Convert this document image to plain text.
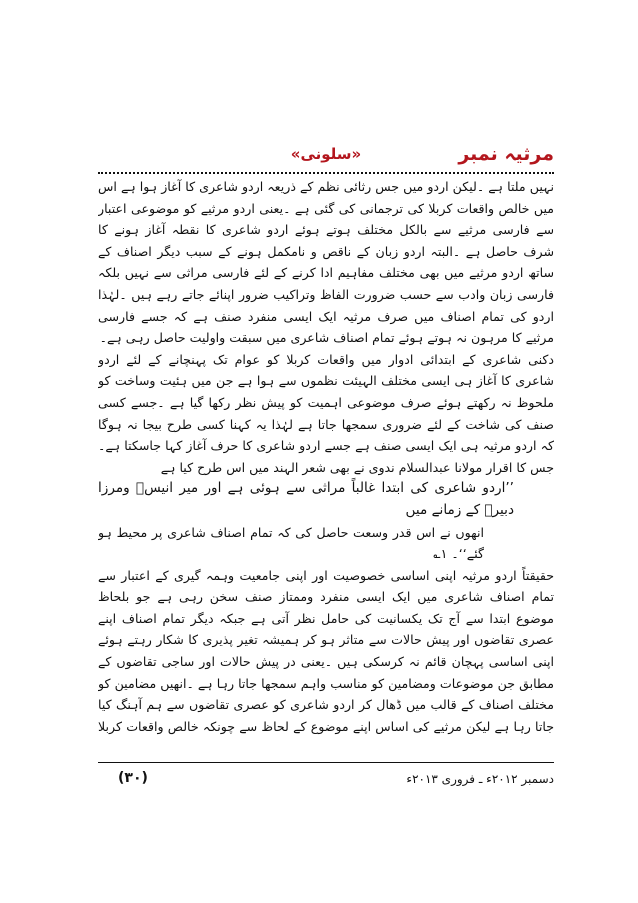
مرثیہ نمبر
«سلونی»

نہیں ملتا ہے ۔لیکن اردو میں جس رثائی نظم کے ذریعہ اردو شاعری کا آغاز ہوا ہے اس میں خالص واقعات کربلا کی ترجمانی کی گئی ہے ۔یعنی اردو مرثیے کو موضوعی اعتبار سے فارسی مرثیے سے بالکل مختلف ہوتے ہوئے اردو شاعری کا نقطہ آغاز ہونے کا شرف حاصل ہے ۔البتہ اردو زبان کے ناقص و نامکمل ہونے کے سبب دیگر اصناف کے ساتھ اردو مرثیے میں بھی مختلف مفاہیم ادا کرنے کے لئے فارسی مراثی سے نہیں بلکہ فارسی زبان وادب سے حسب ضرورت الفاظ وتراکیب ضرور اپنائے جاتے رہے ہیں ۔لہٰذا اردو کی تمام اصناف میں صرف مرثیہ ایک ایسی منفرد صنف ہے کہ جسے فارسی مرثیے کا مرہون نہ ہوتے ہوئے تمام اصناف شاعری میں سبقت واولیت حاصل رہی ہے۔

دکنی شاعری کے ابتدائی ادوار میں واقعات کربلا کو عوام تک پہنچانے کے لئے اردو شاعری کا آغاز ہی ایسی مختلف الہیئت نظموں سے ہوا ہے جن میں ہئیت وساخت کو ملحوظ نہ رکھتے ہوئے صرف موضوعی اہمیت کو پیش نظر رکھا گیا ہے ۔جسے کسی صنف کی شاخت کے لئے ضروری سمجھا جاتا ہے لہٰذا یہ کہنا کسی طرح بیجا نہ ہوگا کہ اردو مرثیہ ہی ایک ایسی صنف ہے جسے اردو شاعری کا حرف آغاز کہا جاسکتا ہے۔جس کا اقرار مولانا عبدالسلام ندوی نے بھی شعر الہند میں اس طرح کیا ہے

’’اردو شاعری کی ابتدا غالباً مراثی سے ہوئی ہے اور میر انیسؔ ومرزا دبیرؔ کے زمانے میں

انھوں نے اس قدر وسعت حاصل کی کہ تمام اصناف شاعری پر محیط ہو گئے‘‘۔ ۱؎

حقیقتاً اردو مرثیہ اپنی اساسی خصوصیت اور اپنی جامعیت وہمہ گیری کے اعتبار سے تمام اصناف شاعری میں ایک ایسی منفرد وممتاز صنف سخن رہی ہے جو بلحاظ موضوع ابتدا سے آج تک یکسانیت کی حامل نظر آتی ہے جبکہ دیگر تمام اصناف اپنے عصری تقاضوں اور پیش حالات سے متاثر ہو کر ہمیشہ تغیر پذیری کا شکار رہتے ہوئے اپنی اساسی پہچان قائم نہ کرسکی ہیں ۔یعنی در پیش حالات اور ساجی تقاضوں کے مطابق جن موضوعات ومضامین کو مناسب واہم سمجھا جاتا رہا ہے ۔انھیں مضامین کو مختلف اصناف کے قالب میں ڈھال کر اردو شاعری کو عصری تقاضوں سے ہم آہنگ کیا جاتا رہا ہے لیکن مرثیے کی اساس اپنے موضوع کے لحاظ سے چونکہ خالص واقعات کربلا

دسمبر ۲۰۱۲ء ـ فروری ۲۰۱۳ء
(۳۰)
